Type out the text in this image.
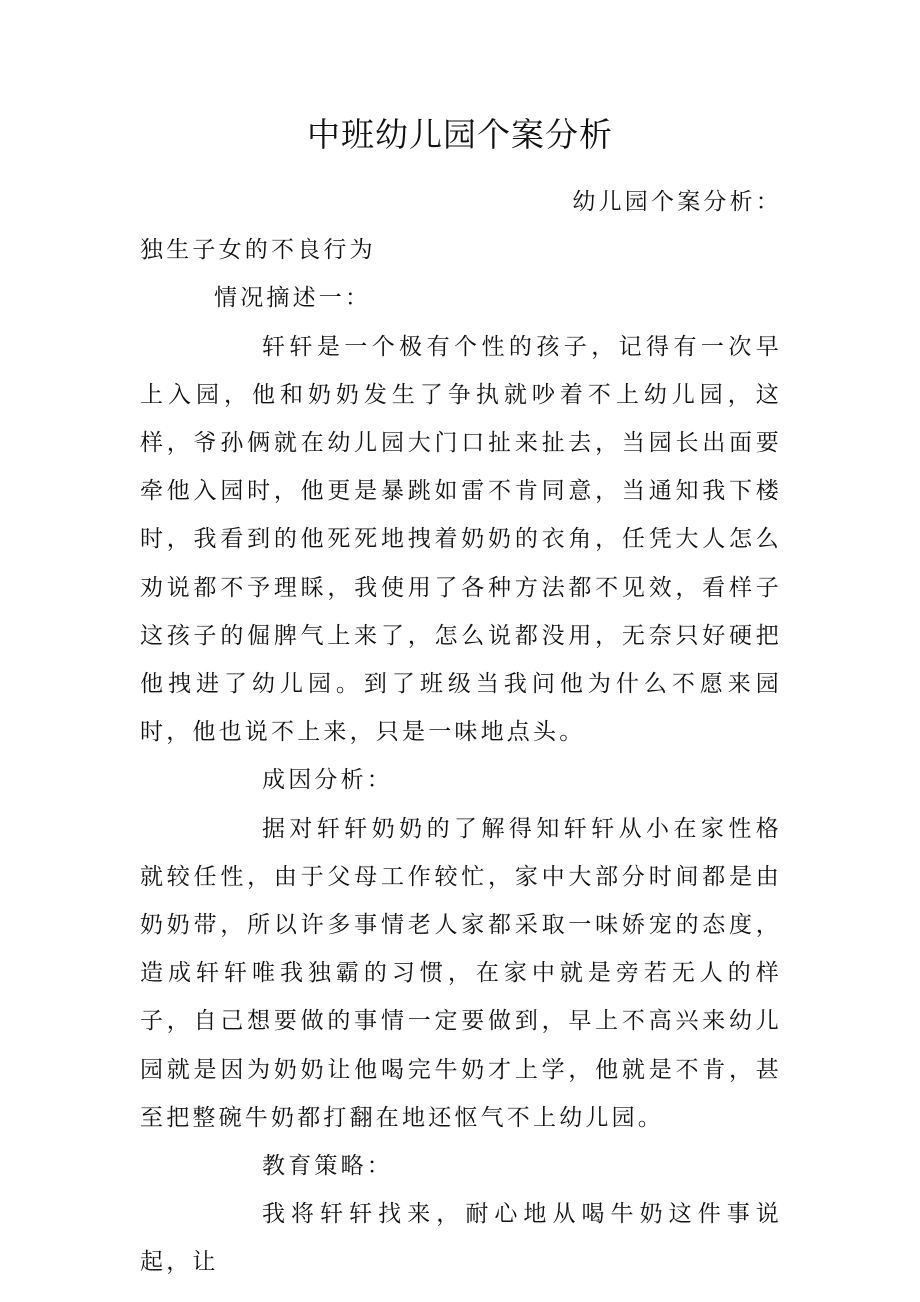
中班幼儿园个案分析

幼儿园个案分析：

独生子女的不良行为

情况摘述一：

轩轩是一个极有个性的孩子，记得有一次早上入园，他和奶奶发生了争执就吵着不上幼儿园，这样，爷孙俩就在幼儿园大门口扯来扯去，当园长出面要牵他入园时，他更是暴跳如雷不肯同意，当通知我下楼时，我看到的他死死地拽着奶奶的衣角，任凭大人怎么劝说都不予理睬，我使用了各种方法都不见效，看样子这孩子的倔脾气上来了，怎么说都没用，无奈只好硬把他拽进了幼儿园。到了班级当我问他为什么不愿来园时，他也说不上来，只是一味地点头。

成因分析：

据对轩轩奶奶的了解得知轩轩从小在家性格就较任性，由于父母工作较忙，家中大部分时间都是由奶奶带，所以许多事情老人家都采取一味娇宠的态度，造成轩轩唯我独霸的习惯，在家中就是旁若无人的样子，自己想要做的事情一定要做到，早上不高兴来幼儿园就是因为奶奶让他喝完牛奶才上学，他就是不肯，甚至把整碗牛奶都打翻在地还怄气不上幼儿园。

教育策略：

我将轩轩找来，耐心地从喝牛奶这件事说起，让
